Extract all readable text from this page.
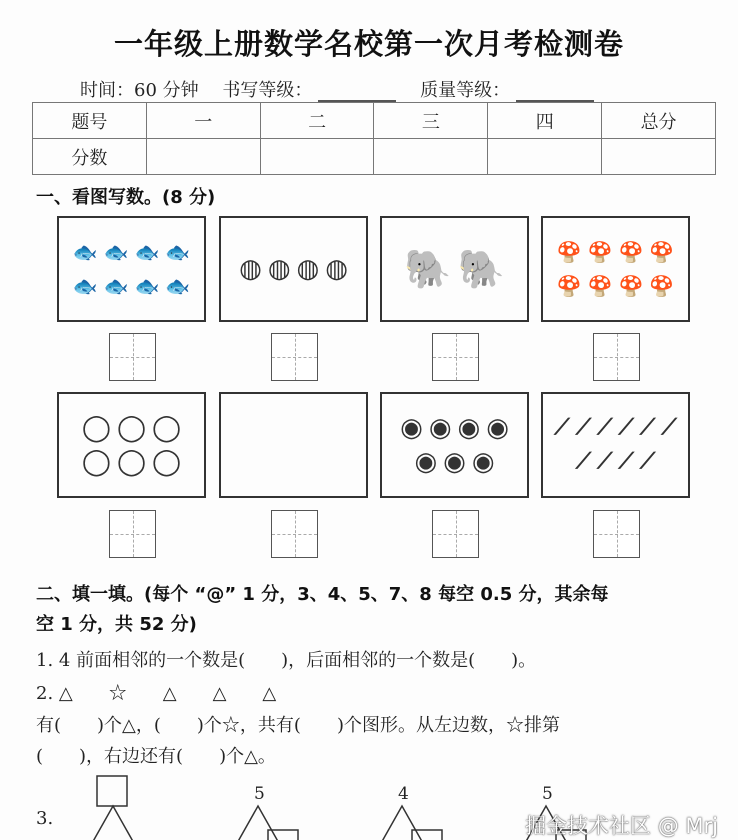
一年级上册数学名校第一次月考检测卷
时间：60 分钟　 书写等级：	质量等级：
题号	一	二	三	四	总分
分数					
一、看图写数。(8 分)
🐟 🐟 🐟 🐟
🐟 🐟 🐟 🐟
◍ ◍ ◍ ◍ 🐘 🐘	🍄 🍄 🍄 🍄
🍄 🍄 🍄 🍄
◯ ◯ ◯
◯ ◯ ◯
◉ ◉ ◉ ◉
◉ ◉ ◉
⟋ ⟋ ⟋ ⟋ ⟋ ⟋
⟋ ⟋ ⟋ ⟋
二、填一填。(每个 “@” 1 分，3、4、5、7、8 每空 0.5 分，其余每
空 1 分，共 52 分)
1. 4 前面相邻的一个数是(　　)，后面相邻的一个数是(　　)。
2. △　　☆　　△　　△　　△
有(　　)个△，(　　)个☆，共有(　　)个图形。从左边数，☆排第
(　　)，右边还有(　　)个△。
3.
5	4	5
掘金技术社区 @ Mrj
